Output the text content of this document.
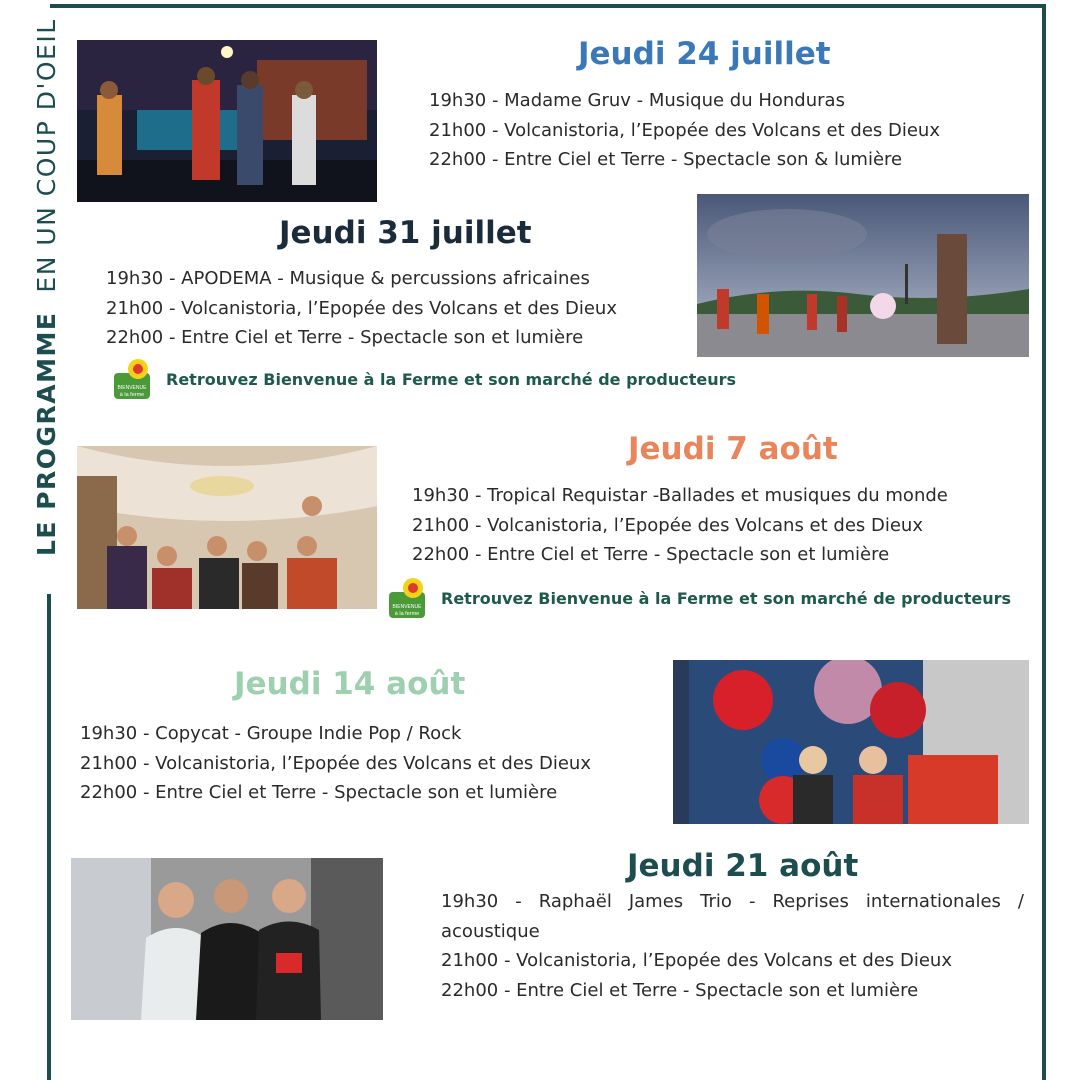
LE PROGRAMME  EN UN COUP D'OEIL	Jeudi 24 juillet
19h30 - Madame Gruv - Musique du Honduras
21h00 - Volcanistoria, l’Epopée des Volcans et des Dieux
22h00 - Entre Ciel et Terre - Spectacle son & lumière
Jeudi 31 juillet
19h30 - APODEMA - Musique & percussions africaines
21h00 - Volcanistoria, l’Epopée des Volcans et des Dieux
22h00 - Entre Ciel et Terre - Spectacle son et lumière
BIENVENUE
à la ferme
Retrouvez Bienvenue à la Ferme et son marché de producteurs
Jeudi 7 août
19h30 - Tropical Requistar -Ballades et musiques du monde
21h00 - Volcanistoria, l’Epopée des Volcans et des Dieux
22h00 - Entre Ciel et Terre - Spectacle son et lumière
BIENVENUE
à la ferme
Retrouvez Bienvenue à la Ferme et son marché de producteurs
Jeudi 14 août
19h30 - Copycat - Groupe Indie Pop / Rock
21h00 - Volcanistoria, l’Epopée des Volcans et des Dieux
22h00 - Entre Ciel et Terre - Spectacle son et lumière
Jeudi 21 août
19h30 - Raphaël James Trio - Reprises internationales /
acoustique
21h00 - Volcanistoria, l’Epopée des Volcans et des Dieux
22h00 - Entre Ciel et Terre - Spectacle son et lumière
